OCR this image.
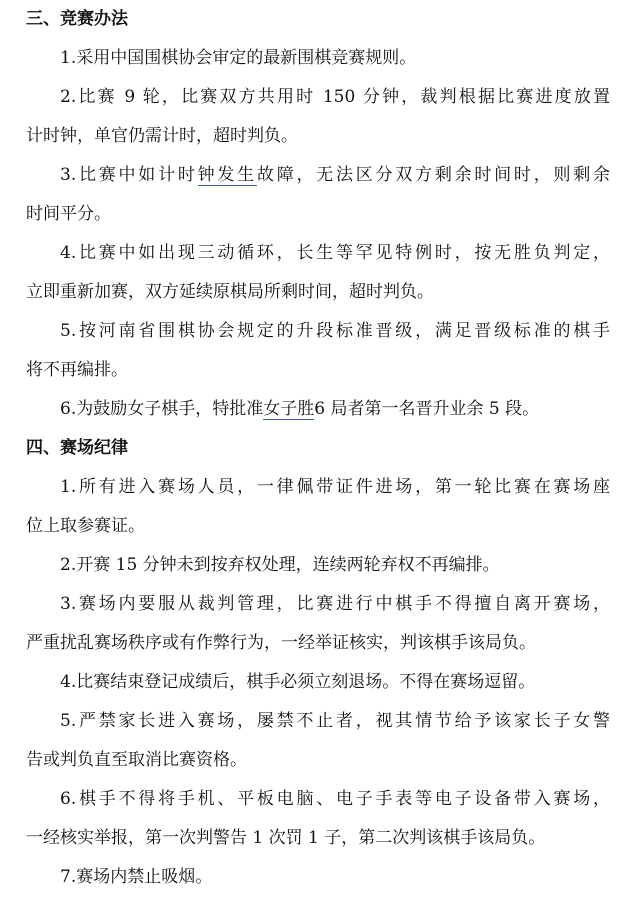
三、竞赛办法
1.采用中国围棋协会审定的最新围棋竞赛规则。
2.比赛 9 轮，比赛双方共用时 150 分钟，裁判根据比赛进度放置
计时钟，单官仍需计时，超时判负。
3.比赛中如计时钟发生故障，无法区分双方剩余时间时，则剩余
时间平分。
4.比赛中如出现三动循环，长生等罕见特例时，按无胜负判定，
立即重新加赛，双方延续原棋局所剩时间，超时判负。
5.按河南省围棋协会规定的升段标准晋级，满足晋级标准的棋手
将不再编排。
6.为鼓励女子棋手，特批准女子胜6 局者第一名晋升业余 5 段。
四、赛场纪律
1.所有进入赛场人员，一律佩带证件进场，第一轮比赛在赛场座
位上取参赛证。
2.开赛 15 分钟未到按弃权处理，连续两轮弃权不再编排。
3.赛场内要服从裁判管理，比赛进行中棋手不得擅自离开赛场，
严重扰乱赛场秩序或有作弊行为，一经举证核实，判该棋手该局负。
4.比赛结束登记成绩后，棋手必须立刻退场。不得在赛场逗留。
5.严禁家长进入赛场，屡禁不止者，视其情节给予该家长子女警
告或判负直至取消比赛资格。
6.棋手不得将手机、平板电脑、电子手表等电子设备带入赛场，
一经核实举报，第一次判警告 1 次罚 1 子，第二次判该棋手该局负。
7.赛场内禁止吸烟。
